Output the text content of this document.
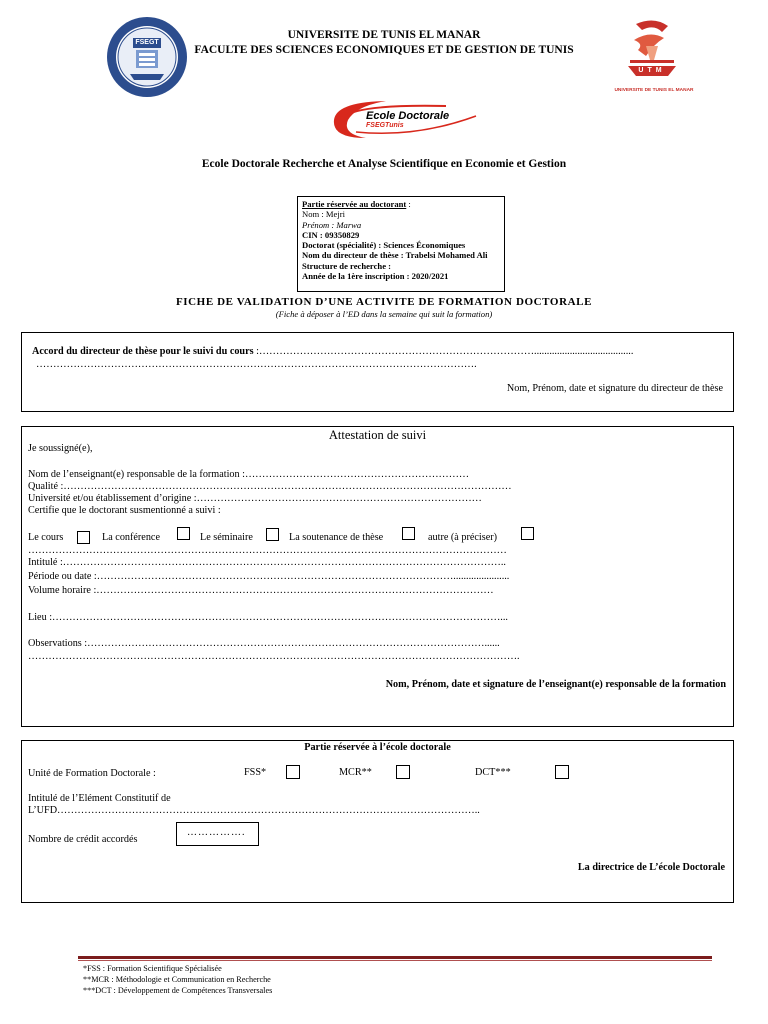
FSEGT
UTM
UNIVERSITE DE TUNIS EL MANAR
UNIVERSITE DE TUNIS EL MANAR
FACULTE DES SCIENCES ECONOMIQUES ET DE GESTION DE TUNIS
Ecole Doctorale
FSEGTunis
Ecole Doctorale Recherche et Analyse Scientifique en Economie et Gestion
Partie réservée au doctorant :
Nom : Mejri
Prénom : Marwa
CIN : 09350829
Doctorat (spécialité) : Sciences Économiques
Nom du directeur de thèse : Trabelsi Mohamed Ali
Structure de recherche :
Année de la 1ère inscription : 2020/2021
FICHE DE VALIDATION D’UNE ACTIVITE DE FORMATION DOCTORALE
(Fiche à déposer à l’ED dans la semaine qui suit la formation)
Accord du directeur de thèse pour le suivi du cours :……………………………………………………………………….......................................
………………………………………………………………………………………………………………….
Nom, Prénom, date et signature du directeur de thèse
Attestation de suivi
Je soussigné(e),
Nom de l’enseignant(e) responsable de la formation :…………………………………………………………
Qualité :……………………………………………………………………………………………………………………
Université et/ou établissement d’origine :…………………………………………………………………………
Certifie que le doctorant susmentionné a suivi :
Le cours	La conférence	Le séminaire	La soutenance de thèse	autre (à préciser)
……………………………………………………………………………………………………………………………
Intitulé :…………………………………………………………………………………………………………………..
Période ou date :……………………………………………………………………………………………......................
Volume horaire :………………………………………………………………………………………………………
Lieu :……………………………………………………………………………………………………………………...
Observations :………………………………………………………………………………………………………......
……………………………………………………………………………………………………………………………….
Nom, Prénom, date et signature de l’enseignant(e) responsable de la formation
Partie réservée à l’école doctorale
Unité de Formation Doctorale :	FSS*	MCR**	DCT***
Intitulé de l’Elément Constitutif de
L’UFD……………………………………………………………………………………………………………..
Nombre de crédit accordés
La directrice de L’école Doctorale
…………….
*FSS : Formation Scientifique Spécialisée
**MCR : Méthodologie et Communication en Recherche
***DCT : Développement de Compétences Transversales
